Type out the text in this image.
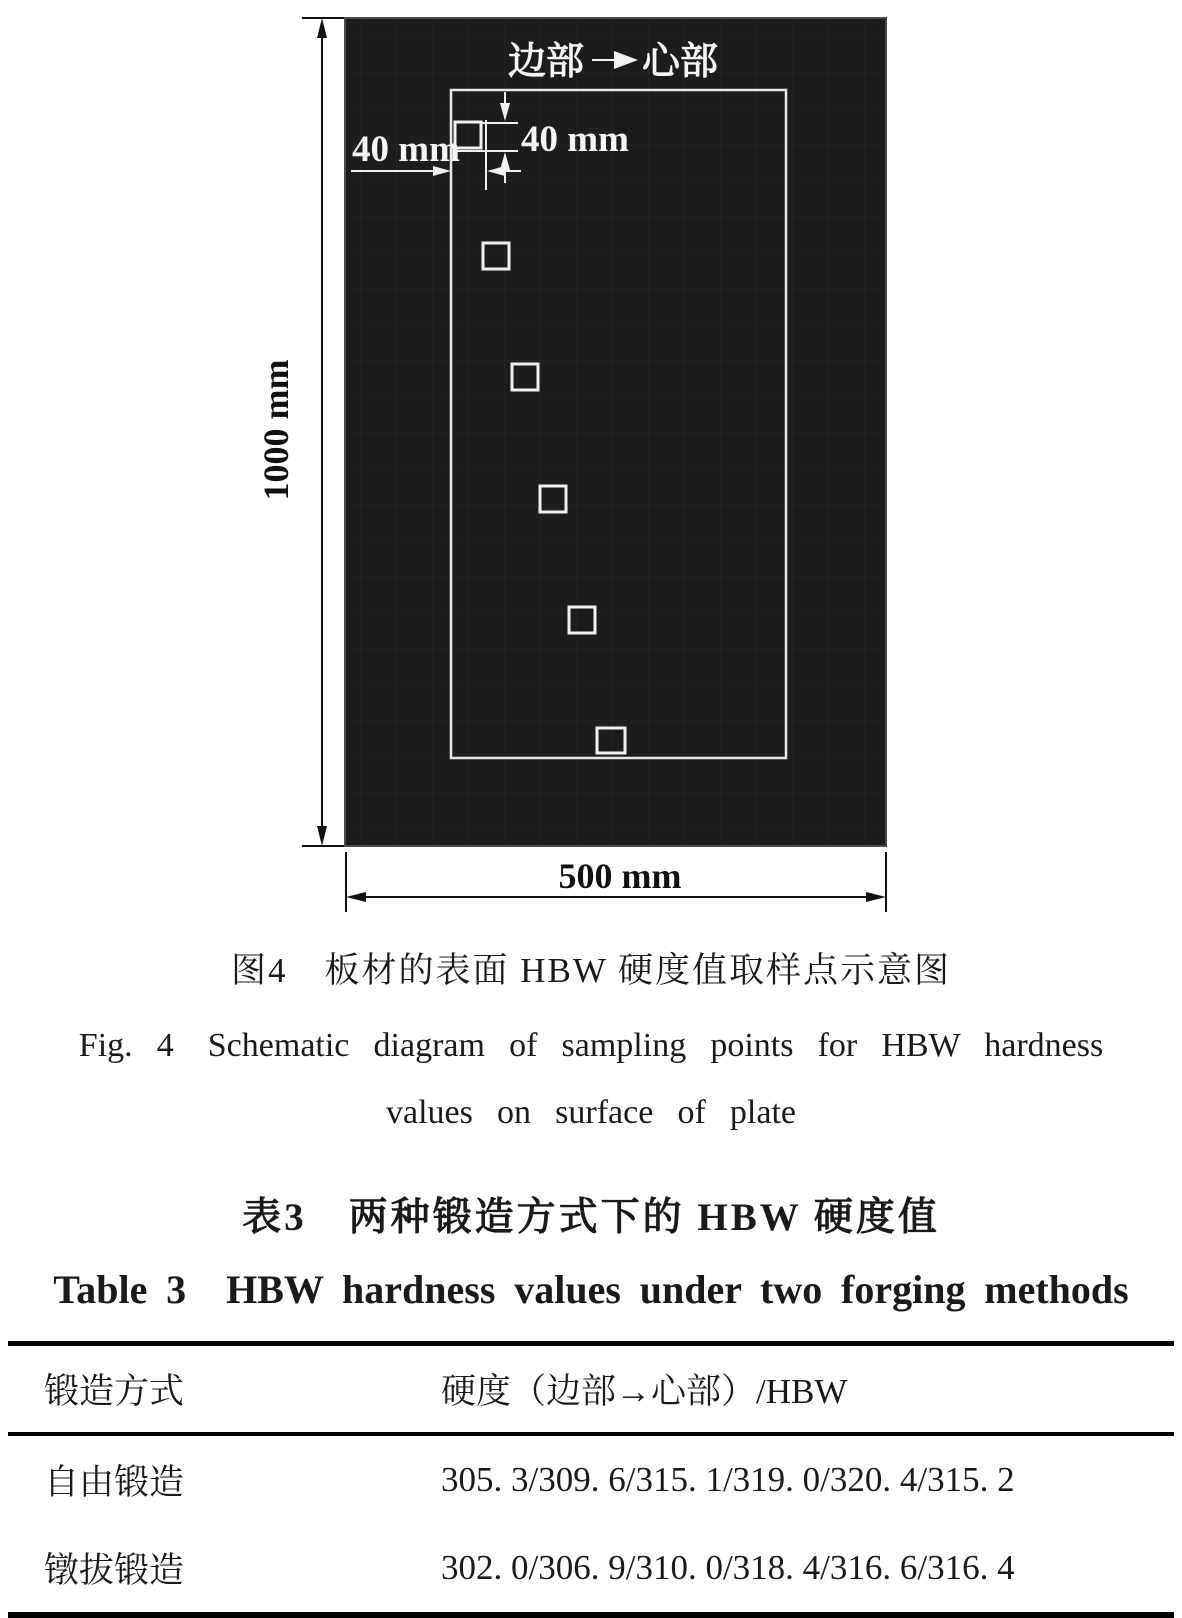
边部 心部
40 mm
40 mm
1000 mm
500 mm
图4　板材的表面 HBW 硬度值取样点示意图
Fig. 4　Schematic diagram of sampling points for HBW hardness
values on surface of plate
表3　两种锻造方式下的 HBW 硬度值
Table 3　HBW hardness values under two forging methods
锻造方式	硬度（边部→心部）/HBW
自由锻造	305. 3/309. 6/315. 1/319. 0/320. 4/315. 2
镦拔锻造	302. 0/306. 9/310. 0/318. 4/316. 6/316. 4
